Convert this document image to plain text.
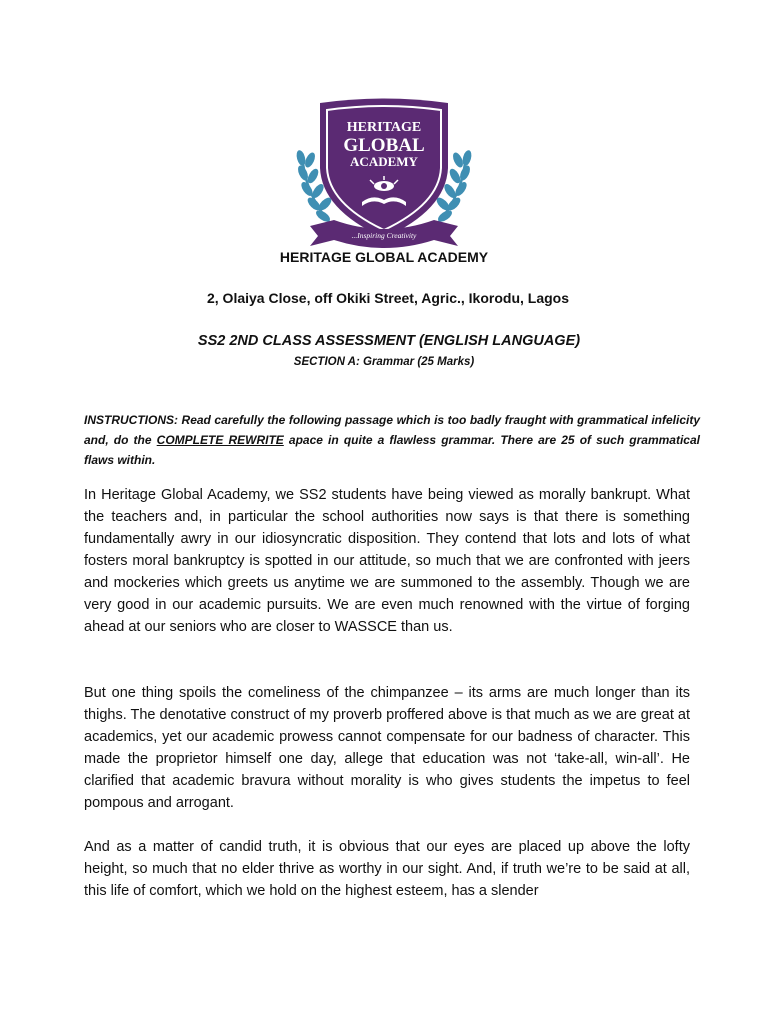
HERITAGE
GLOBAL
ACADEMY
...Inspiring Creativity
HERITAGE GLOBAL ACADEMY
2, Olaiya Close, off Okiki Street, Agric., Ikorodu, Lagos
SS2 2ND CLASS ASSESSMENT (ENGLISH LANGUAGE)
SECTION A: Grammar (25 Marks)
INSTRUCTIONS: Read carefully the following passage which is too badly fraught with grammatical infelicity and, do the COMPLETE REWRITE apace in quite a flawless grammar. There are 25 of such grammatical flaws within.
In Heritage Global Academy, we SS2 students have being viewed as morally bankrupt. What the teachers and, in particular the school authorities now says is that there is something fundamentally awry in our idiosyncratic disposition. They contend that lots and lots of what fosters moral bankruptcy is spotted in our attitude, so much that we are confronted with jeers and mockeries which greets us anytime we are summoned to the assembly. Though we are very good in our academic pursuits. We are even much renowned with the virtue of forging ahead at our seniors who are closer to WASSCE than us.
But one thing spoils the comeliness of the chimpanzee – its arms are much longer than its thighs. The denotative construct of my proverb proffered above is that much as we are great at academics, yet our academic prowess cannot compensate for our badness of character. This made the proprietor himself one day, allege that education was not ‘take-all, win-all’. He clarified that academic bravura without morality is who gives students the impetus to feel pompous and arrogant.
And as a matter of candid truth, it is obvious that our eyes are placed up above the lofty height, so much that no elder thrive as worthy in our sight. And, if truth we’re to be said at all, this life of comfort, which we hold on the highest esteem, has a slender
